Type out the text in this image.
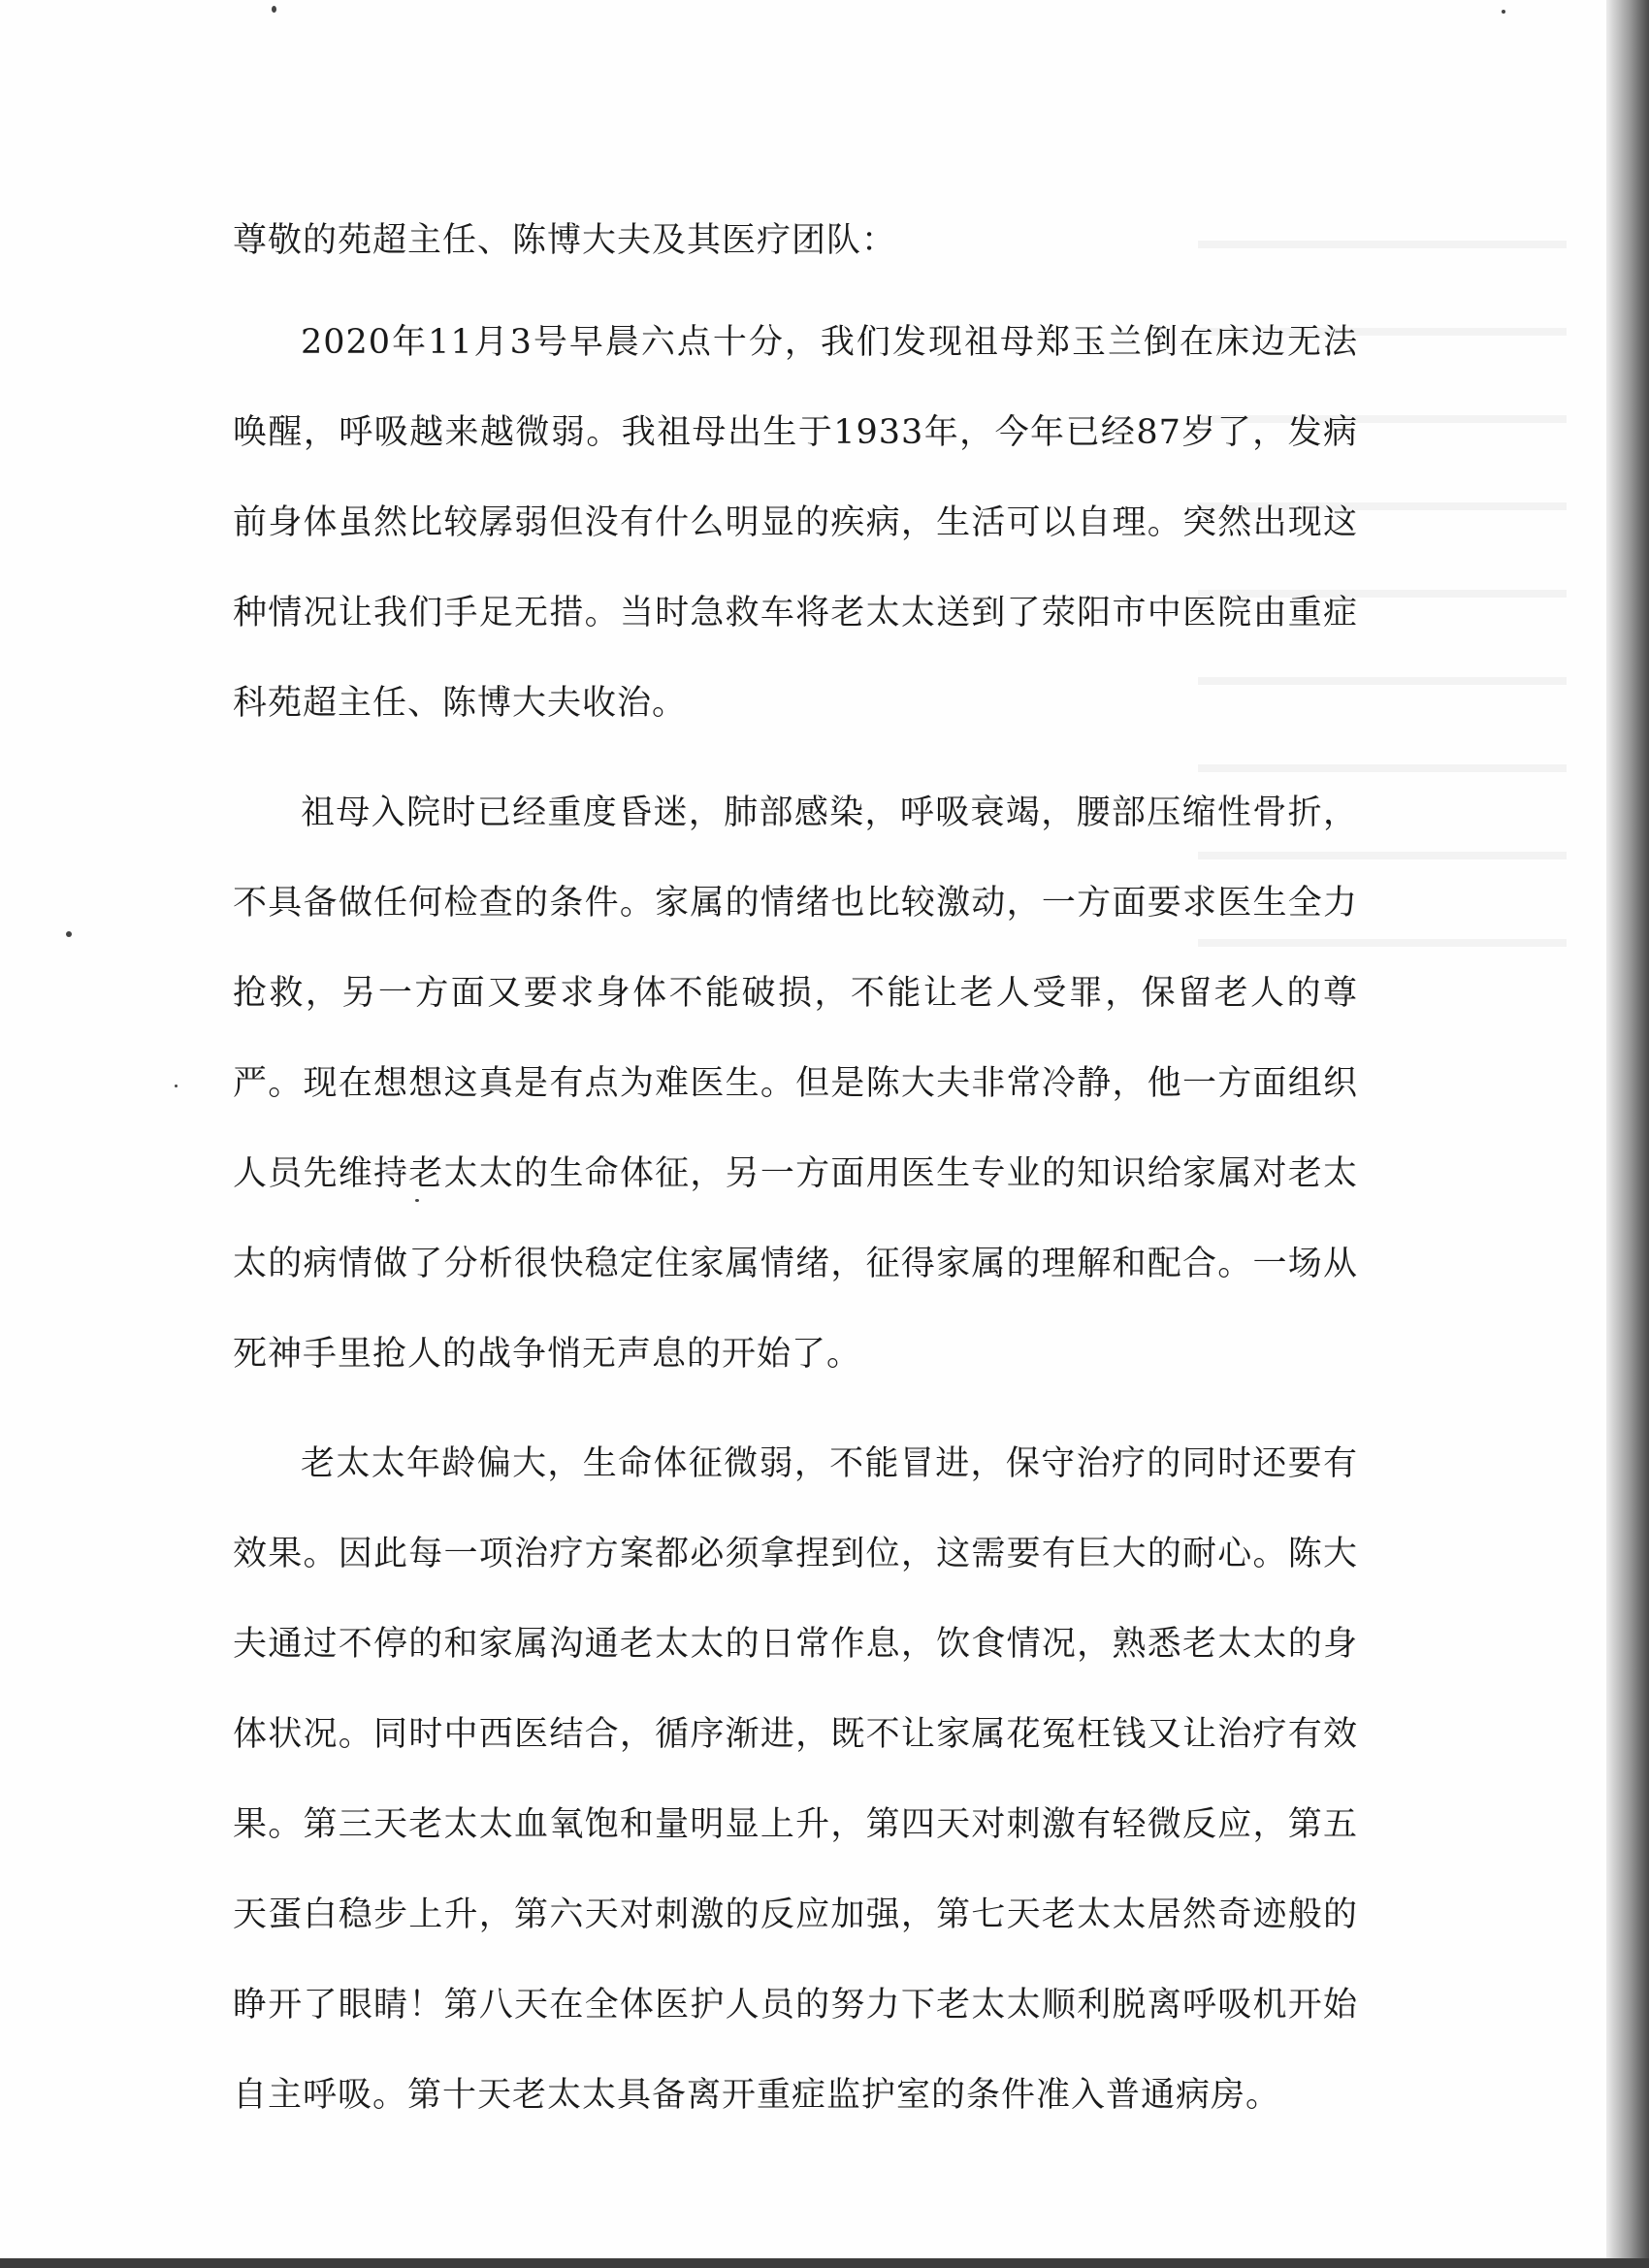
尊敬的苑超主任、陈博大夫及其医疗团队：

2020年11月3号早晨六点十分，我们发现祖母郑玉兰倒在床边无法唤醒，呼吸越来越微弱。我祖母出生于1933年，今年已经87岁了，发病前身体虽然比较孱弱但没有什么明显的疾病，生活可以自理。突然出现这种情况让我们手足无措。当时急救车将老太太送到了荥阳市中医院由重症科苑超主任、陈博大夫收治。

祖母入院时已经重度昏迷，肺部感染，呼吸衰竭，腰部压缩性骨折，不具备做任何检查的条件。家属的情绪也比较激动，一方面要求医生全力抢救，另一方面又要求身体不能破损，不能让老人受罪，保留老人的尊严。现在想想这真是有点为难医生。但是陈大夫非常冷静，他一方面组织人员先维持老太太的生命体征，另一方面用医生专业的知识给家属对老太太的病情做了分析很快稳定住家属情绪，征得家属的理解和配合。一场从死神手里抢人的战争悄无声息的开始了。

老太太年龄偏大，生命体征微弱，不能冒进，保守治疗的同时还要有效果。因此每一项治疗方案都必须拿捏到位，这需要有巨大的耐心。陈大夫通过不停的和家属沟通老太太的日常作息，饮食情况，熟悉老太太的身体状况。同时中西医结合，循序渐进，既不让家属花冤枉钱又让治疗有效果。第三天老太太血氧饱和量明显上升，第四天对刺激有轻微反应，第五天蛋白稳步上升，第六天对刺激的反应加强，第七天老太太居然奇迹般的睁开了眼睛！第八天在全体医护人员的努力下老太太顺利脱离呼吸机开始自主呼吸。第十天老太太具备离开重症监护室的条件准入普通病房。
